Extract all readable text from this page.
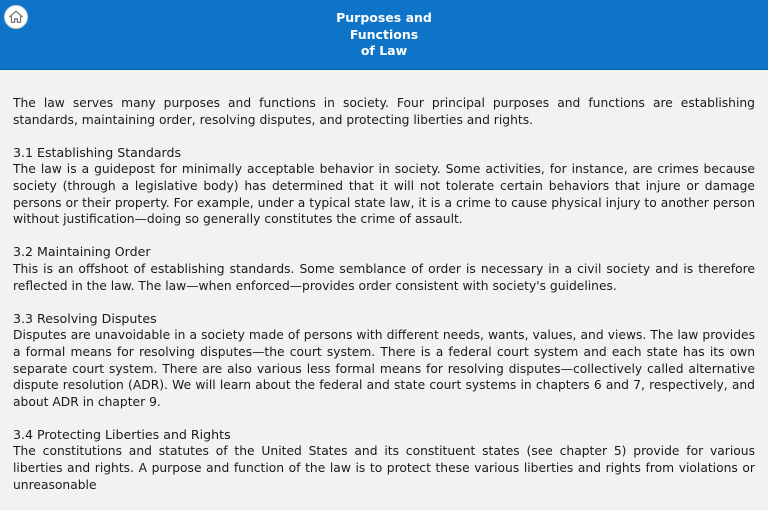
Purposes and
Functions
of Law

The law serves many purposes and functions in society. Four principal purposes and functions are establishing standards, maintaining order, resolving disputes, and protecting liberties and rights.

3.1 Establishing Standards
The law is a guidepost for minimally acceptable behavior in society. Some activities, for instance, are crimes because society (through a legislative body) has determined that it will not tolerate certain behaviors that injure or damage persons or their property. For example, under a typical state law, it is a crime to cause physical injury to another person without justification—doing so generally constitutes the crime of assault.
3.2 Maintaining Order
This is an offshoot of establishing standards. Some semblance of order is necessary in a civil society and is therefore reflected in the law. The law—when enforced—provides order consistent with society's guidelines.
3.3 Resolving Disputes
Disputes are unavoidable in a society made of persons with different needs, wants, values, and views. The law provides a formal means for resolving disputes—the court system. There is a federal court system and each state has its own separate court system. There are also various less formal means for resolving disputes—collectively called alternative dispute resolution (ADR). We will learn about the federal and state court systems in chapters 6 and 7, respectively, and about ADR in chapter 9.
3.4 Protecting Liberties and Rights
The constitutions and statutes of the United States and its constituent states (see chapter 5) provide for various liberties and rights. A purpose and function of the law is to protect these various liberties and rights from violations or unreasonable
